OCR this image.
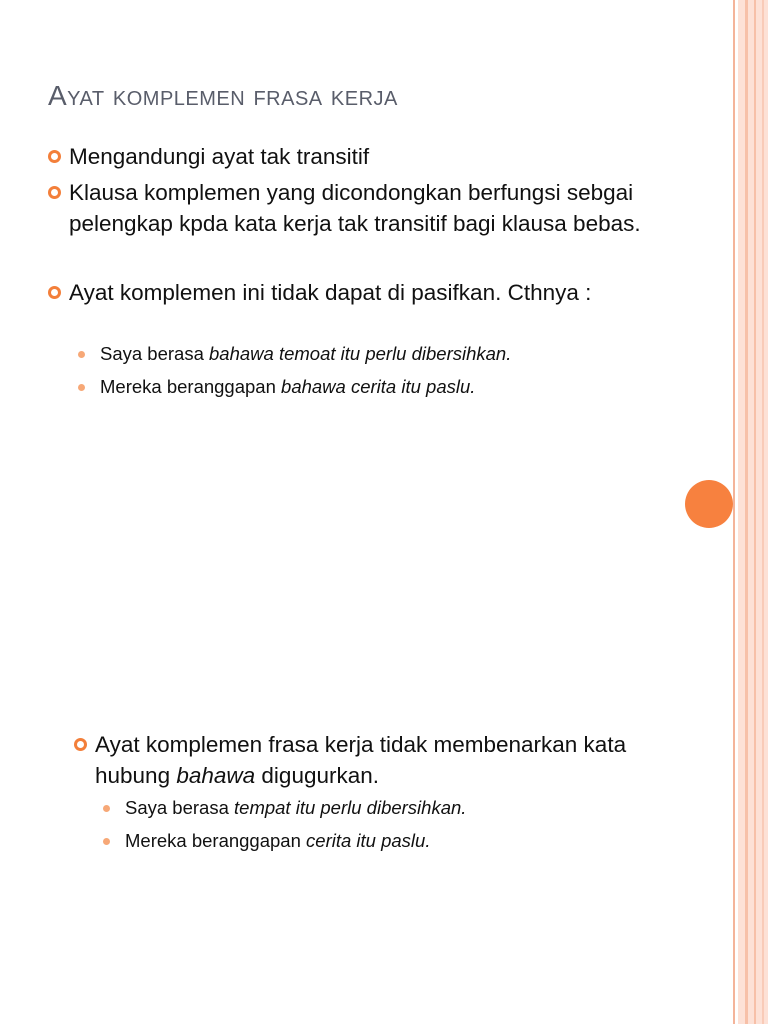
Ayat komplemen frasa kerja
Mengandungi ayat tak transitif
Klausa komplemen yang dicondongkan berfungsi sebgai pelengkap kpda kata kerja tak transitif bagi klausa bebas.
Ayat komplemen ini tidak dapat di pasifkan. Cthnya :
Saya berasa bahawa temoat itu perlu dibersihkan.
Mereka beranggapan bahawa cerita itu paslu.
Ayat komplemen frasa kerja tidak membenarkan kata hubung bahawa digugurkan.
Saya berasa tempat itu perlu dibersihkan.
Mereka beranggapan cerita itu paslu.
